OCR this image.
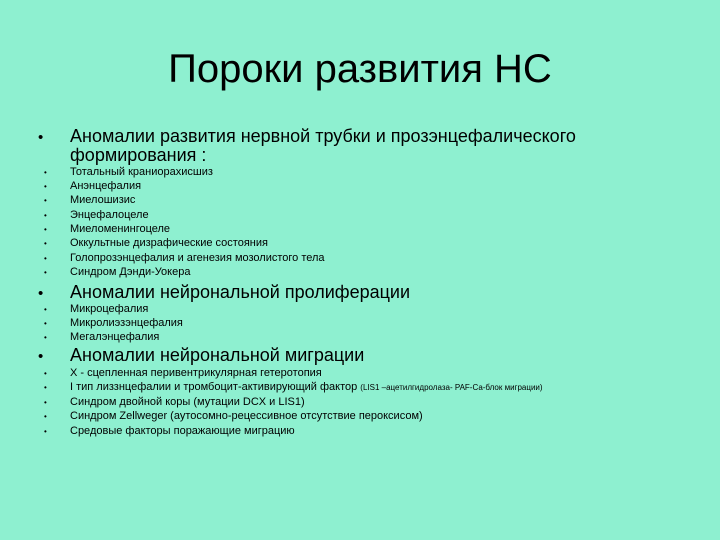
Пороки развития НС
• Аномалии развития нервной трубки и прозэнцефалического формирования :
• Тотальный краниорахисшиз
• Анэнцефалия
• Миелошизис
• Энцефалоцеле
• Миеломенингоцеле
• Оккультные дизрафические состояния
• Голопрозэнцефалия и агенезия мозолистого тела
• Синдром Дэнди-Уокера
• Аномалии нейрональной пролиферации
• Микроцефалия
• Микролиэзэнцефалия
• Мегалэнцефалия
• Аномалии нейрональной миграции
• Х - сцепленная перивентрикулярная гетеротопия
• I тип лиззнцефалии и тромбоцит-активирующий фактор (LIS1 –ацетилгидролаза- PAF-Са-блок миграции)
• Синдром двойной коры (мутации DCX и LIS1)
• Синдром Zellweger (аутосомно-рецессивное отсутствие пероксисом)
• Средовые факторы поражающие миграцию
